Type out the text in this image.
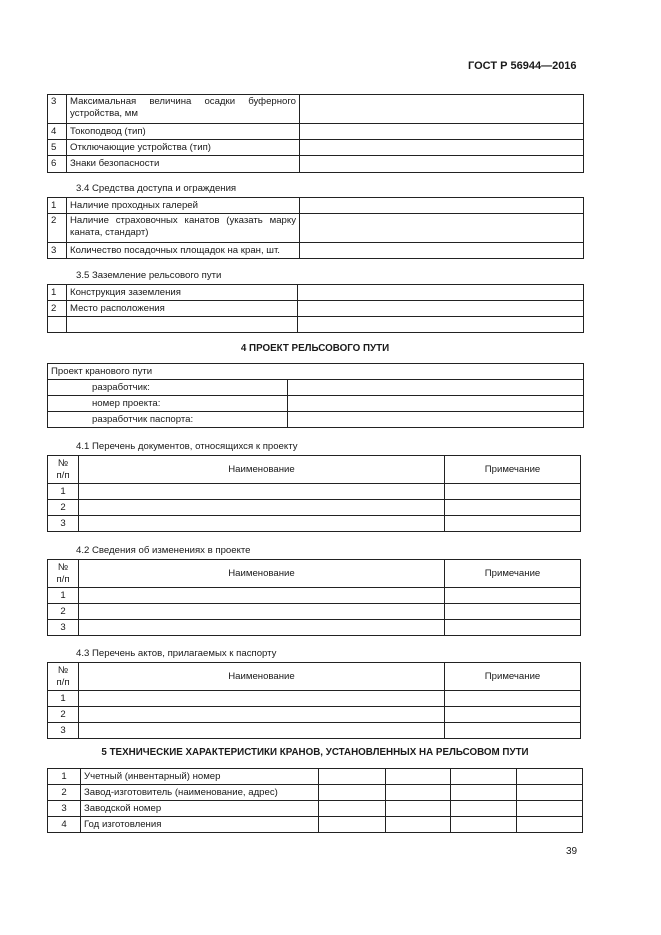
ГОСТ Р 56944—2016
3	Максимальная величина осадки буферного
устройства, мм	

4	Токоподвод (тип)	
5	Отключающие устройства (тип)	
6	Знаки безопасности	
3.4 Средства доступа и ограждения
1	Наличие проходных галерей	
2	Наличие страховочных канатов (указать марку
каната, стандарт)	

3	Количество посадочных площадок на кран, шт.	
3.5 Заземление рельсового пути
1	Конструкция заземления	
2	Место расположения	

4 ПРОЕКТ РЕЛЬСОВОГО ПУТИ
Проект кранового пути	
разработчик:	
номер проекта:	
разработчик паспорта:	
4.1 Перечень документов, относящихся к проекту
№
п/п	Наименование	Примечание
1		
2		
3		
4.2 Сведения об изменениях в проекте
№
п/п	Наименование	Примечание
1		
2		
3		
4.3 Перечень актов, прилагаемых к паспорту
№
п/п	Наименование	Примечание
1		
2		
3		
5 ТЕХНИЧЕСКИЕ ХАРАКТЕРИСТИКИ КРАНОВ, УСТАНОВЛЕННЫХ НА РЕЛЬСОВОМ ПУТИ
1	Учетный (инвентарный) номер				
2	Завод-изготовитель (наименование, адрес)				
3	Заводской номер				
4	Год изготовления				
39
